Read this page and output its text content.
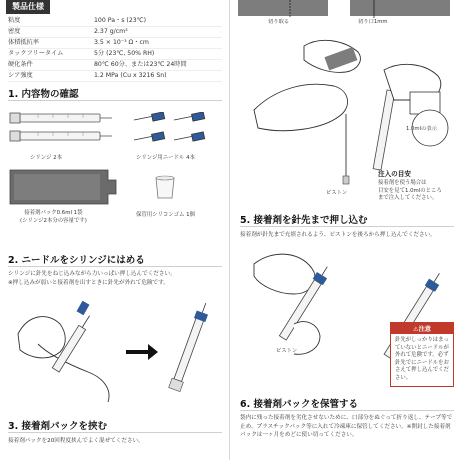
製品仕様
粘度	100 Pa・s (23℃)
密度	2.37 g/cm³
体積抵抗率	3.5 × 10⁻³ Ω・cm
タックフリータイム	5分 (23℃, 50% RH)
硬化条件	80℃ 60分、または23℃ 24時間
シア強度	1.2 MPa (Cu x 3216 Sn)
1. 内容物の確認
シリンジ 2本	シリンジ用ニードル 4本
接着剤パック0.6ml 1袋
(シリンジ2本分の容量です)
保管用シリコンゴム 1個
2. ニードルをシリンジにはめる
シリンジに針先をねじ込みながら力いっぱい押し込んでください。
※押し込みが弱いと接着剤を出すときに針先が外れて危険です。
3. 接着剤パックを挟む
接着剤パックを20回程度挟んでよく混ぜてください。
切り取る	切り口1mm
1.0mlの表示
ピストン
注入の目安
接着剤を使う場合は
目安を見て1.0mlのところ
まで注入してください。
5. 接着剤を針先まで押し込む
接着剤が針先まで充填されるよう、ピストンを後ろから押し込んでください。
ピストン
⚠注意
針先がしっかりはまっていないとニードルが外れて危険です。必ず針先でにニードルをおさえて押し込んでください。
6. 接着剤パックを保管する
袋内に残った接着剤を劣化させないために、口部分をぬぐって折り返し、テープ等で止め、プラスチックパック等に入れて冷凍庫に保管してください。※開封した接着剤パックは一ヶ月をめどに使い切ってください。
